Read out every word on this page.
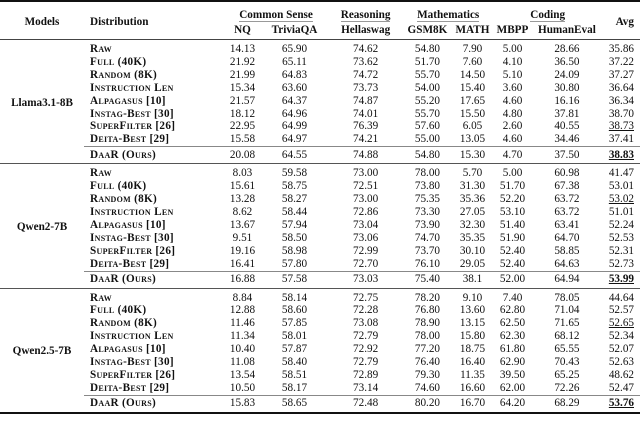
Models	Distribution	Common Sense		Reasoning	Mathematics		Coding		Avg
		NQ	TriviaQA	Hellaswag	GSM8K	MATH	MBPP	HumanEval	
Llama3.1-8B	Raw	14.13	65.90	74.62	54.80	7.90	5.00	28.66	35.86
	Full (40K)	21.92	65.11	73.62	51.70	7.60	4.10	36.50	37.22
	Random (8K)	21.99	64.83	74.72	55.70	14.50	5.10	24.09	37.27
	Instruction Len	15.34	63.60	73.73	54.00	15.40	3.60	30.80	36.64
	Alpagasus [10]	21.57	64.37	74.87	55.20	17.65	4.60	16.16	36.34
	Instag-Best [30]	18.12	64.96	74.01	55.70	15.50	4.80	37.81	38.70
	SuperFilter [26]	22.95	64.99	76.39	57.60	6.05	2.60	40.55	38.73
	Deita-Best [29]	15.58	64.97	74.21	55.00	13.05	4.60	34.46	37.41
	DaaR (Ours)	20.08	64.55	74.88	54.80	15.30	4.70	37.50	38.83
Qwen2-7B	Raw	8.03	59.58	73.00	78.00	5.70	5.00	60.98	41.47
	Full (40K)	15.61	58.75	72.51	73.80	31.30	51.70	67.38	53.01
	Random (8K)	13.28	58.27	73.00	75.35	35.36	52.20	63.72	53.02
	Instruction Len	8.62	58.44	72.86	73.30	27.05	53.10	63.72	51.01
	Alpagasus [10]	13.67	57.94	73.04	73.90	32.30	51.40	63.41	52.24
	Instag-Best [30]	9.51	58.50	73.06	74.70	35.35	51.90	64.70	52.53
	SuperFilter [26]	19.16	58.98	72.99	73.70	30.10	52.40	58.85	52.31
	Deita-Best [29]	16.41	57.80	72.70	76.10	29.05	52.40	64.63	52.73
	DaaR (Ours)	16.88	57.58	73.03	75.40	38.1	52.00	64.94	53.99
Qwen2.5-7B	Raw	8.84	58.14	72.75	78.20	9.10	7.40	78.05	44.64
	Full (40K)	12.88	58.60	72.28	76.80	13.60	62.80	71.04	52.57
	Random (8K)	11.46	57.85	73.08	78.90	13.15	62.50	71.65	52.65
	Instruction Len	11.34	58.01	72.79	78.00	15.80	62.30	68.12	52.34
	Alpagasus [10]	10.40	57.87	72.92	77.20	18.75	61.80	65.55	52.07
	Instag-Best [30]	11.08	58.40	72.79	76.40	16.40	62.90	70.43	52.63
	SuperFilter [26]	13.54	58.51	72.89	79.30	11.35	39.50	65.25	48.62
	Deita-Best [29]	10.50	58.17	73.14	74.60	16.60	62.00	72.26	52.47
	DaaR (Ours)	15.83	58.65	72.48	80.20	16.70	64.20	68.29	53.76
